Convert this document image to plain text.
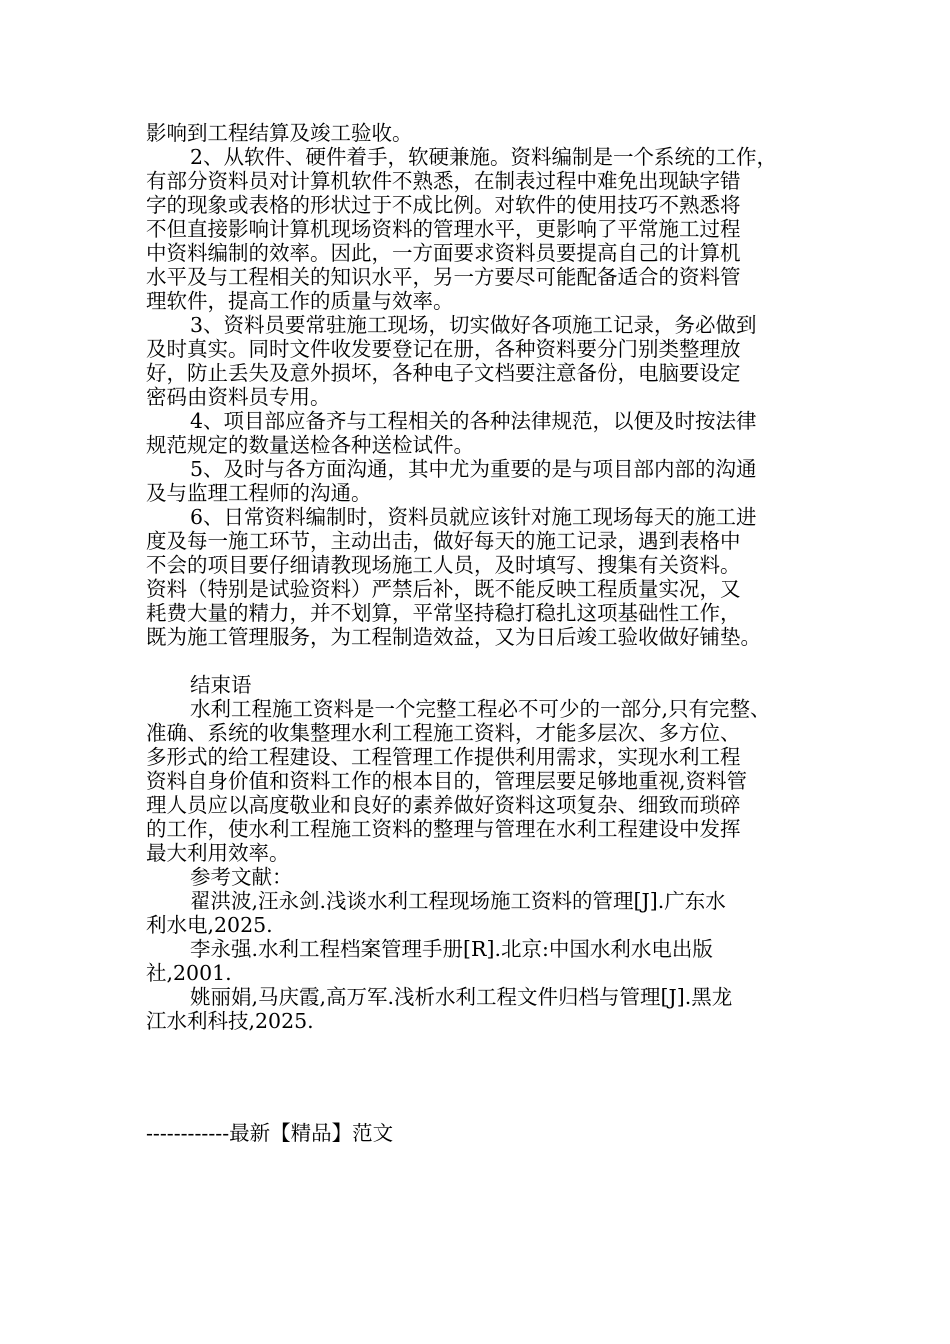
影响到工程结算及竣工验收。
2、从软件、硬件着手，软硬兼施。资料编制是一个系统的工作，
有部分资料员对计算机软件不熟悉，在制表过程中难免出现缺字错
字的现象或表格的形状过于不成比例。对软件的使用技巧不熟悉将
不但直接影响计算机现场资料的管理水平，更影响了平常施工过程
中资料编制的效率。因此，一方面要求资料员要提高自己的计算机
水平及与工程相关的知识水平，另一方要尽可能配备适合的资料管
理软件，提高工作的质量与效率。
3、资料员要常驻施工现场，切实做好各项施工记录，务必做到
及时真实。同时文件收发要登记在册，各种资料要分门别类整理放
好，防止丢失及意外损坏，各种电子文档要注意备份，电脑要设定
密码由资料员专用。
4、项目部应备齐与工程相关的各种法律规范，以便及时按法律
规范规定的数量送检各种送检试件。
5、及时与各方面沟通，其中尤为重要的是与项目部内部的沟通
及与监理工程师的沟通。
6、日常资料编制时，资料员就应该针对施工现场每天的施工进
度及每一施工环节，主动出击，做好每天的施工记录，遇到表格中
不会的项目要仔细请教现场施工人员，及时填写、搜集有关资料。
资料（特别是试验资料）严禁后补，既不能反映工程质量实况，又
耗费大量的精力，并不划算，平常坚持稳打稳扎这项基础性工作，
既为施工管理服务，为工程制造效益，又为日后竣工验收做好铺垫。
结束语
水利工程施工资料是一个完整工程必不可少的一部分,只有完整、
准确、系统的收集整理水利工程施工资料，才能多层次、多方位、
多形式的给工程建设、工程管理工作提供利用需求，实现水利工程
资料自身价值和资料工作的根本目的，管理层要足够地重视,资料管
理人员应以高度敬业和良好的素养做好资料这项复杂、细致而琐碎
的工作，使水利工程施工资料的整理与管理在水利工程建设中发挥
最大利用效率。
参考文献：
翟洪波,汪永剑.浅谈水利工程现场施工资料的管理[J].广东水
利水电,2025.
李永强.水利工程档案管理手册[R].北京:中国水利水电出版
社,2001.
姚丽娟,马庆霞,高万军.浅析水利工程文件归档与管理[J].黑龙
江水利科技,2025.
------------最新【精品】范文
